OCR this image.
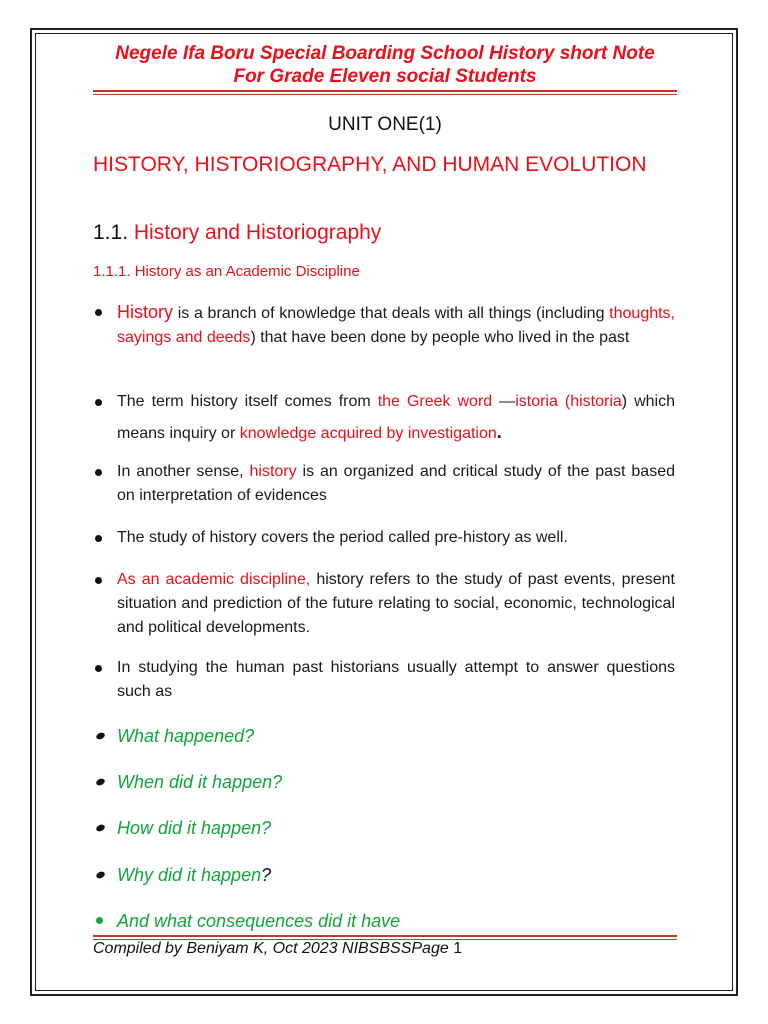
Negele Ifa Boru Special Boarding School History short Note
For Grade Eleven social Students
UNIT ONE(1)
HISTORY, HISTORIOGRAPHY, AND HUMAN EVOLUTION
1.1. History and Historiography
1.1.1. History as an Academic Discipline
History is a branch of knowledge that deals with all things (including thoughts, sayings and deeds) that have been done by people who lived in the past
The term history itself comes from the Greek word —istoria (historia) which means inquiry or knowledge acquired by investigation.
In another sense, history is an organized and critical study of the past based on interpretation of evidences
The study of history covers the period called pre-history as well.
As an academic discipline, history refers to the study of past events, present situation and prediction of the future relating to social, economic, technological and political developments.
In studying the human past historians usually attempt to answer questions such as
What happened?
When did it happen?
How did it happen?
Why did it happen?
And what consequences did it have
Compiled by Beniyam K, Oct 2023 NIBSBSSPage 1
